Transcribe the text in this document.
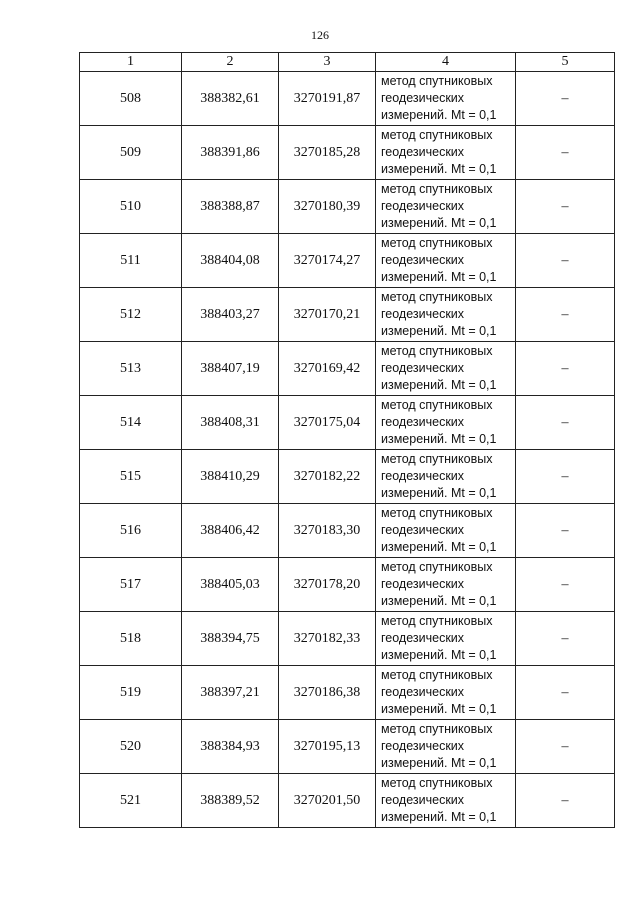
126
1	2	3	4	5
508	388382,61	3270191,87	метод спутниковых
геодезических
измерений. Mt = 0,1	–
509	388391,86	3270185,28	метод спутниковых
геодезических
измерений. Mt = 0,1	–
510	388388,87	3270180,39	метод спутниковых
геодезических
измерений. Mt = 0,1	–
511	388404,08	3270174,27	метод спутниковых
геодезических
измерений. Mt = 0,1	–
512	388403,27	3270170,21	метод спутниковых
геодезических
измерений. Mt = 0,1	–
513	388407,19	3270169,42	метод спутниковых
геодезических
измерений. Mt = 0,1	–
514	388408,31	3270175,04	метод спутниковых
геодезических
измерений. Mt = 0,1	–
515	388410,29	3270182,22	метод спутниковых
геодезических
измерений. Mt = 0,1	–
516	388406,42	3270183,30	метод спутниковых
геодезических
измерений. Mt = 0,1	–
517	388405,03	3270178,20	метод спутниковых
геодезических
измерений. Mt = 0,1	–
518	388394,75	3270182,33	метод спутниковых
геодезических
измерений. Mt = 0,1	–
519	388397,21	3270186,38	метод спутниковых
геодезических
измерений. Mt = 0,1	–
520	388384,93	3270195,13	метод спутниковых
геодезических
измерений. Mt = 0,1	–
521	388389,52	3270201,50	метод спутниковых
геодезических
измерений. Mt = 0,1	–
